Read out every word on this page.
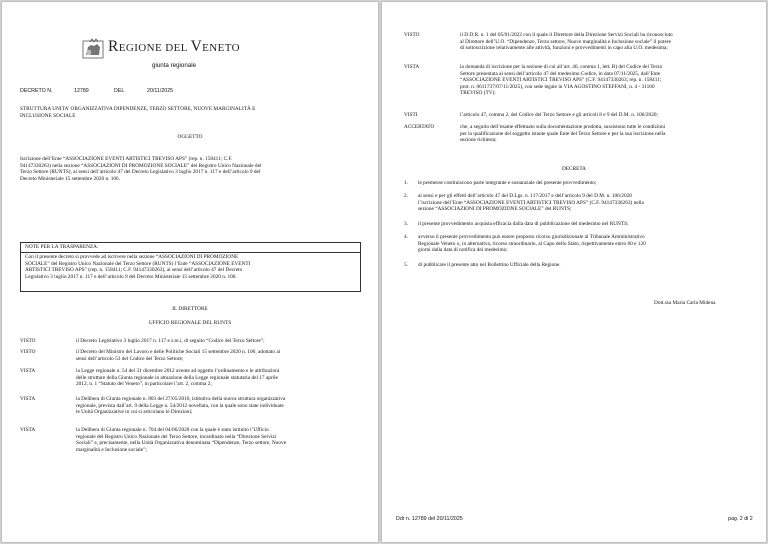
REGIONE DEL VENETO
giunta regionale
DECRETO N.	12789	DEL	20/11/2025
STRUTTURA UNITA' ORGANIZZATIVA DIPENDENZE, TERZO SETTORE, NUOVE MARGINALITÀ E
INCLUSIONE SOCIALE
OGGETTO
Iscrizione dell’Ente “ASSOCIAZIONE EVENTI ARTISTICI TREVISO APS” (rep. n. 158411; C.F.
94147330263) nella sezione “ASSOCIAZIONI DI PROMOZIONE SOCIALE” del Registro Unico Nazionale del
Terzo Settore (RUNTS), ai sensi dell’articolo 47 del Decreto Legislativo 3 luglio 2017 n. 117 e dell’articolo 9 del
Decreto Ministeriale 15 settembre 2020 n. 106.
NOTE PER LA TRASPARENZA:
Con il presente decreto si provvede ad iscrivere nella sezione “ASSOCIAZIONI DI PROMOZIONE
SOCIALE” del Registro Unico Nazionale del Terzo Settore (RUNTS) l’Ente “ASSOCIAZIONE EVENTI
ARTISTICI TREVISO APS” (rep. n. 158411; C.F. 94147330263), ai sensi dell’articolo 47 del Decreto
Legislativo 3 luglio 2017 n. 117 e dell’articolo 9 del Decreto Ministeriale 15 settembre 2020 n. 106.
IL DIRETTORE
UFFICIO REGIONALE DEL RUNTS
VISTO	il Decreto Legislativo 3 luglio 2017 n. 117 e s.m.i, di seguito “Codice del Terzo Settore”;
VISTO	il Decreto del Ministro del Lavoro e delle Politiche Sociali 15 settembre 2020 n. 106, adottato ai
sensi dell’articolo 53 del Codice del Terzo Settore;
VISTA	la Legge regionale n. 54 del 31 dicembre 2012 avente ad oggetto l’ordinamento e le attribuzioni
delle strutture della Giunta regionale in attuazione della Legge regionale statutaria del 17 aprile
2012, n. 1 “Statuto del Veneto”, in particolare l’art. 2, comma 2;
VISTA	la Delibera di Giunta regionale n. 803 del 27/05/2016, istitutiva della nuova struttura organizzativa
regionale, prevista dall’art. 9 della Legge n. 54/2012 novellata, con la quale sono state individuate
le Unità Organizzative in cui si articolano le Direzioni;
VISTA	la Delibera di Giunta regionale n. 704 del 04/06/2020 con la quale è stato istituito l’Ufficio
regionale del Registro Unico Nazionale del Terzo Settore, incardinato nella “Direzione Servizi
Sociali” e, precisamente, nella Unità Organizzativa denominata “Dipendenze, Terzo settore, Nuove
marginalità e Inclusione sociale”;
VISTO	il D.D.R. n. 1 del 05/01/2022 con il quale il Direttore della Direzione Servizi Sociali ha riconosciuto
al Direttore dell’U.O. “Dipendenze, Terzo settore, Nuove marginalità e Inclusione sociale” il potere
di sottoscrizione relativamente alle attività, funzioni e provvedimenti in capo alla U.O. medesima;
VISTA	la domanda di iscrizione per la sezione di cui all’art. 46, comma 1, lett. B) del Codice del Terzo
Settore presentata ai sensi dell’articolo 47 del medesimo Codice, in data 07/11/2025, dall’Ente
“ASSOCIAZIONE EVENTI ARTISTICI TREVISO APS” (C.F. 94147330263; rep. n. 158411;
prot. n. 0611737/07/11/2025), con sede legale in VIA AGOSTINO STEFFANI, n. 4 - 31100
TREVISO (TV);
VISTI	l’articolo 47, comma 2, del Codice del Terzo Settore e gli articoli 8 e 9 del D.M. n. 106/2020;
ACCERTATO	che, a seguito dell’esame effettuato sulla documentazione prodotta, sussistono tutte le condizioni
per la qualificazione del soggetto istante quale Ente del Terzo Settore e per la sua iscrizione nella
sezione richiesta;
DECRETA
1. le premesse costituiscono parte integrante e sostanziale del presente provvedimento;
2. ai sensi e per gli effetti dell’articolo 47 del D.Lgs. n. 117/2017 e dell’articolo 9 del D.M. n. 106/2020
l’iscrizione dell’Ente “ASSOCIAZIONE EVENTI ARTISTICI TREVISO APS” (C.F. 94147330263) nella
sezione “ASSOCIAZIONI DI PROMOZIONE SOCIALE” del RUNTS;
3. il presente provvedimento acquista efficacia dalla data di pubblicazione del medesimo nel RUNTS;
4. avverso il presente provvedimento può essere proposto ricorso giurisdizionale al Tribunale Amministrativo
Regionale Veneto o, in alternativa, ricorso straordinario, al Capo dello Stato, rispettivamente entro 60 e 120
giorni dalla data di notifica del medesimo;
5. di pubblicare il presente atto nel Bollettino Ufficiale della Regione.
Dott.ssa Maria Carla Midena
Ddr n. 12789 del 20/11/2025	pag. 2 di 2
